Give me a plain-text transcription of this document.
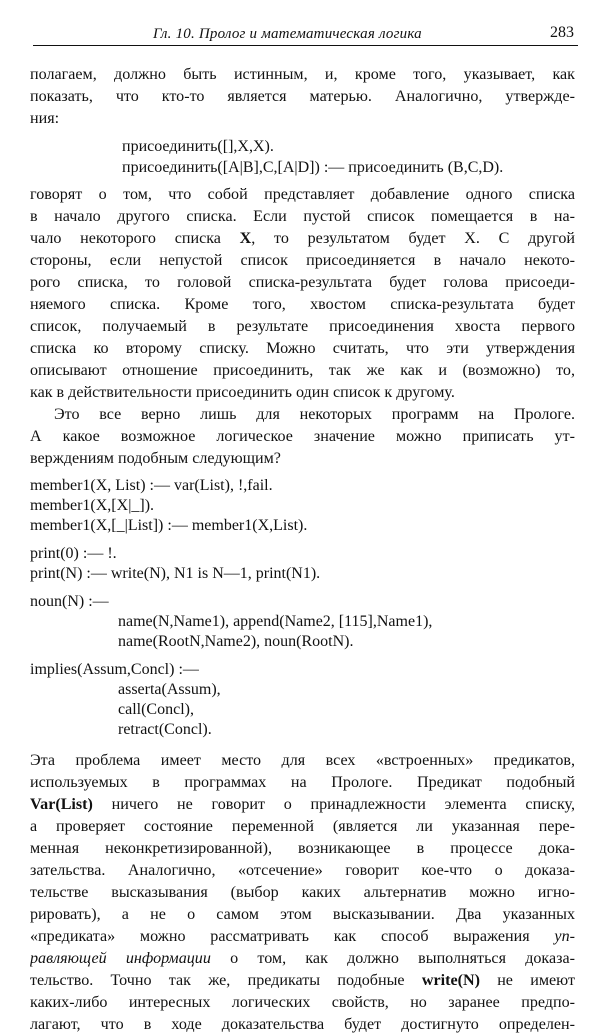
Гл. 10. Пролог и математическая логика	283
полагаем, должно быть истинным, и, кроме того, указывает, как
показать, что кто-то является матерью. Аналогично, утвержде-
ния:
присоединить([],X,X).
присоединить([A|B],C,[A|D]) :— присоединить (B,C,D).
говорят о том, что собой представляет добавление одного списка
в начало другого списка. Если пустой список помещается в на-
чало некоторого списка X, то результатом будет X. С другой
стороны, если непустой список присоединяется в начало некото-
рого списка, то головой списка-результата будет голова присоеди-
няемого списка. Кроме того, хвостом списка-результата будет
список, получаемый в результате присоединения хвоста первого
списка ко второму списку. Можно считать, что эти утверждения
описывают отношение присоединить, так же как и (возможно) то,
как в действительности присоединить один список к другому.
Это все верно лишь для некоторых программ на Прологе.
А какое возможное логическое значение можно приписать ут-
верждениям подобным следующим?
member1(X, List) :— var(List), !,fail.
member1(X,[X|_]).
member1(X,[_|List]) :— member1(X,List).
print(0) :— !.
print(N) :— write(N), N1 is N—1, print(N1).
noun(N) :—
name(N,Name1), append(Name2, [115],Name1),
name(RootN,Name2), noun(RootN).
implies(Assum,Concl) :—
asserta(Assum),
call(Concl),
retract(Concl).
Эта проблема имеет место для всех «встроенных» предикатов,
используемых в программах на Прологе. Предикат подобный
Var(List) ничего не говорит о принадлежности элемента списку,
а проверяет состояние переменной (является ли указанная пере-
менная неконкретизированной), возникающее в процессе дока-
зательства. Аналогично, «отсечение» говорит кое-что о доказа-
тельстве высказывания (выбор каких альтернатив можно игно-
рировать), а не о самом этом высказывании. Два указанных
«предиката» можно рассматривать как способ выражения уп-
равляющей информации о том, как должно выполняться доказа-
тельство. Точно так же, предикаты подобные write(N) не имеют
каких-либо интересных логических свойств, но заранее предпо-
лагают, что в ходе доказательства будет достигнуто определен-
